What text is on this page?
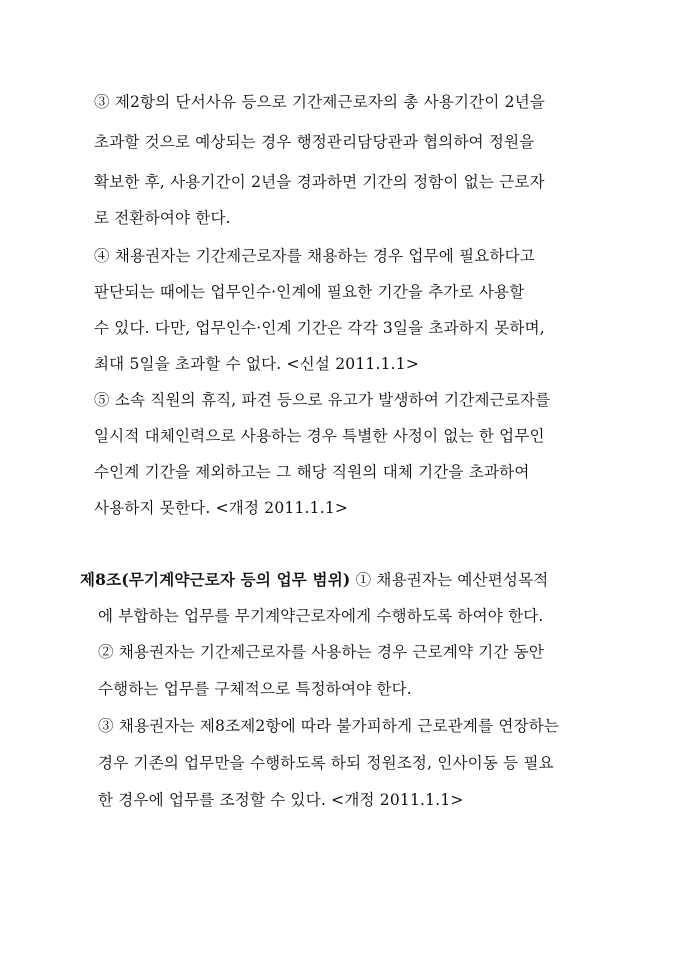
③ 제2항의 단서사유 등으로 기간제근로자의 총 사용기간이 2년을
초과할 것으로 예상되는 경우 행정관리담당관과 협의하여 정원을
확보한 후, 사용기간이 2년을 경과하면 기간의 정함이 없는 근로자
로 전환하여야 한다.
④ 채용권자는 기간제근로자를 채용하는 경우 업무에 필요하다고
판단되는 때에는 업무인수·인계에 필요한 기간을 추가로 사용할
수 있다. 다만, 업무인수·인계 기간은 각각 3일을 초과하지 못하며,
최대 5일을 초과할 수 없다. <신설 2011.1.1>
⑤ 소속 직원의 휴직, 파견 등으로 유고가 발생하여 기간제근로자를
일시적 대체인력으로 사용하는 경우 특별한 사정이 없는 한 업무인
수인계 기간을 제외하고는 그 해당 직원의 대체 기간을 초과하여
사용하지 못한다. <개정 2011.1.1>
제8조(무기계약근로자 등의 업무 범위) ① 채용권자는 예산편성목적
에 부합하는 업무를 무기계약근로자에게 수행하도록 하여야 한다.
② 채용권자는 기간제근로자를 사용하는 경우 근로계약 기간 동안
수행하는 업무를 구체적으로 특정하여야 한다.
③ 채용권자는 제8조제2항에 따라 불가피하게 근로관계를 연장하는
경우 기존의 업무만을 수행하도록 하되 정원조정, 인사이동 등 필요
한 경우에 업무를 조정할 수 있다. <개정 2011.1.1>
